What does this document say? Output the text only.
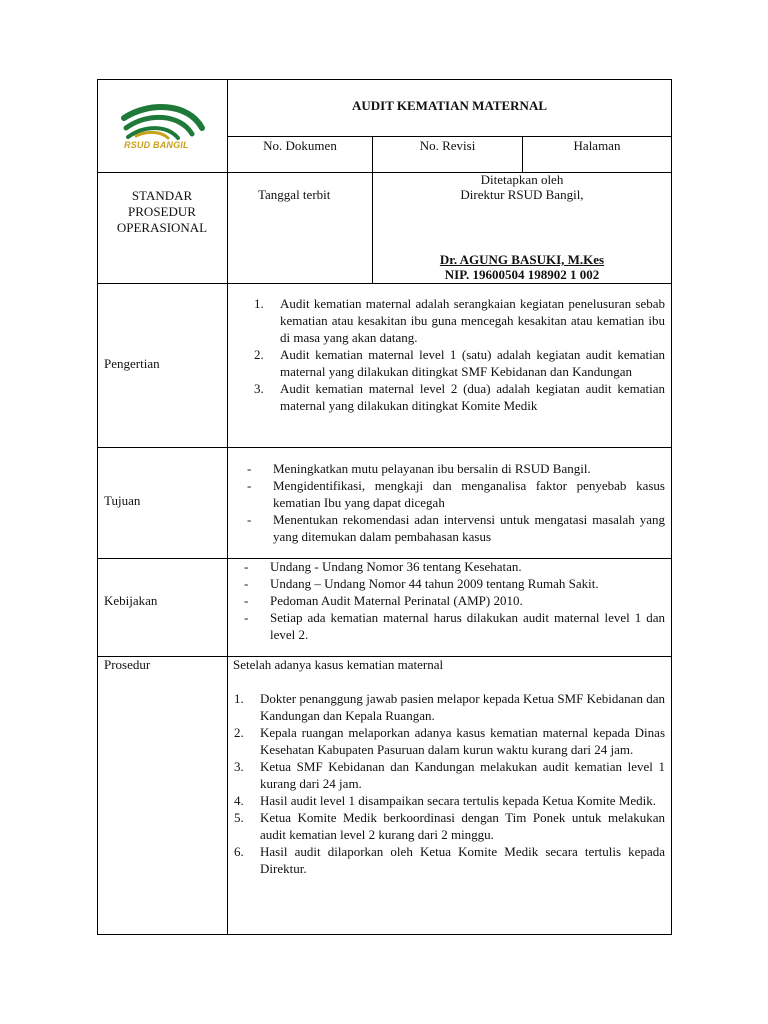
RSUD BANGIL
AUDIT KEMATIAN MATERNAL
No. Dokumen	No. Revisi	Halaman
STANDAR PROSEDUR OPERASIONAL
Tanggal terbit
Ditetapkan oleh
Direktur RSUD Bangil,
Dr. AGUNG BASUKI, M.Kes
NIP. 19600504 198902 1 002
Pengertian
1.	Audit kematian maternal adalah serangkaian kegiatan penelusuran sebab kematian atau kesakitan ibu guna mencegah kesakitan atau kematian ibu di masa yang akan datang.
2.	Audit kematian maternal level 1 (satu) adalah kegiatan audit kematian maternal yang dilakukan ditingkat SMF Kebidanan dan Kandungan
3.	Audit kematian maternal level 2 (dua) adalah kegiatan audit kematian maternal yang dilakukan ditingkat Komite Medik
Tujuan
-	Meningkatkan mutu pelayanan ibu bersalin di RSUD Bangil.
-	Mengidentifikasi, mengkaji dan menganalisa faktor penyebab kasus kematian Ibu yang dapat dicegah
-	Menentukan rekomendasi adan intervensi untuk mengatasi masalah yang yang ditemukan dalam pembahasan kasus
Kebijakan
-	Undang - Undang Nomor 36 tentang Kesehatan.
-	Undang – Undang Nomor 44 tahun 2009 tentang Rumah Sakit.
-	Pedoman Audit Maternal Perinatal (AMP) 2010.
-	Setiap ada kematian maternal harus dilakukan audit maternal level 1 dan level 2.
Prosedur	Setelah adanya kasus kematian maternal
1.	Dokter penanggung jawab pasien melapor kepada Ketua SMF Kebidanan dan Kandungan dan Kepala Ruangan.
2.	Kepala ruangan melaporkan adanya kasus kematian maternal kepada Dinas Kesehatan Kabupaten Pasuruan dalam kurun waktu kurang dari 24 jam.
3.	Ketua SMF Kebidanan dan Kandungan melakukan audit kematian level 1 kurang dari 24 jam.
4.	Hasil audit level 1 disampaikan secara tertulis kepada Ketua Komite Medik.
5.	Ketua Komite Medik berkoordinasi dengan Tim Ponek untuk melakukan audit kematian level 2 kurang dari 2 minggu.
6.	Hasil audit dilaporkan oleh Ketua Komite Medik secara tertulis kepada Direktur.
